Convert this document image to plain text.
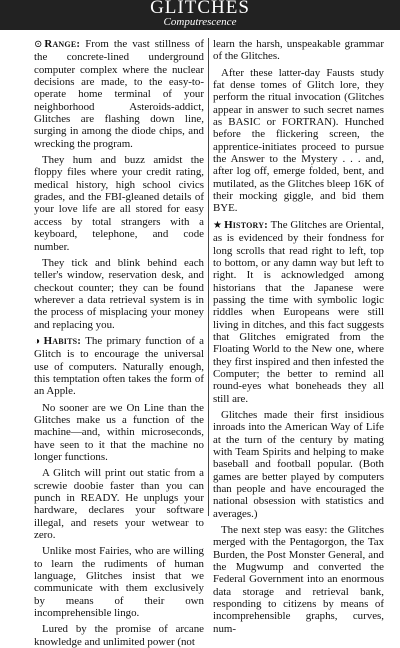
GLITCHES
Computrescence

⊙ Range: From the vast stillness of the concrete-lined underground computer complex where the nuclear decisions are made, to the easy-to-operate home terminal of your neighborhood Asteroids-addict, Glitches are flashing down line, surging in among the diode chips, and wrecking the program.

They hum and buzz amidst the floppy files where your credit rating, medical history, high school civics grades, and the FBI-gleaned details of your love life are all stored for easy access by total strangers with a keyboard, telephone, and code number.

They tick and blink behind each teller's window, reservation desk, and checkout counter; they can be found wherever a data retrieval system is in the process of misplacing your money and replacing you.

◑ Habits: The primary function of a Glitch is to encourage the universal use of computers. Naturally enough, this temptation often takes the form of an Apple.

No sooner are we On Line than the Glitches make us a function of the machine—and, within microseconds, have seen to it that the machine no longer functions.

A Glitch will print out static from a screwie doobie faster than you can punch in READY. He unplugs your hardware, declares your software illegal, and resets your wetwear to zero.

Unlike most Fairies, who are willing to learn the rudiments of human language, Glitches insist that we communicate with them exclusively by means of their own incomprehensible lingo.

Lured by the promise of arcane knowledge and unlimited power (not

learn the harsh, unspeakable grammar of the Glitches.

After these latter-day Fausts study fat dense tomes of Glitch lore, they perform the ritual invocation (Glitches appear in answer to such secret names as BASIC or FORTRAN). Hunched before the flickering screen, the apprentice-initiates proceed to pursue the Answer to the Mystery . . . and, after log off, emerge folded, bent, and mutilated, as the Glitches bleep 16K of their mocking giggle, and bid them BYE.

★ History: The Glitches are Oriental, as is evidenced by their fondness for long scrolls that read right to left, top to bottom, or any damn way but left to right. It is acknowledged among historians that the Japanese were passing the time with symbolic logic riddles when Europeans were still living in ditches, and this fact suggests that Glitches emigrated from the Floating World to the New one, where they first inspired and then infested the Computer; the better to remind all round-eyes what boneheads they all still are.

Glitches made their first insidious inroads into the American Way of Life at the turn of the century by mating with Team Spirits and helping to make baseball and football popular. (Both games are better played by computers than people and have encouraged the national obsession with statistics and averages.)

The next step was easy: the Glitches merged with the Pentagorgon, the Tax Burden, the Post Monster General, and the Mugwump and converted the Federal Government into an enormous data storage and retrieval bank, responding to citizens by means of incomprehensible graphs, curves, num-
